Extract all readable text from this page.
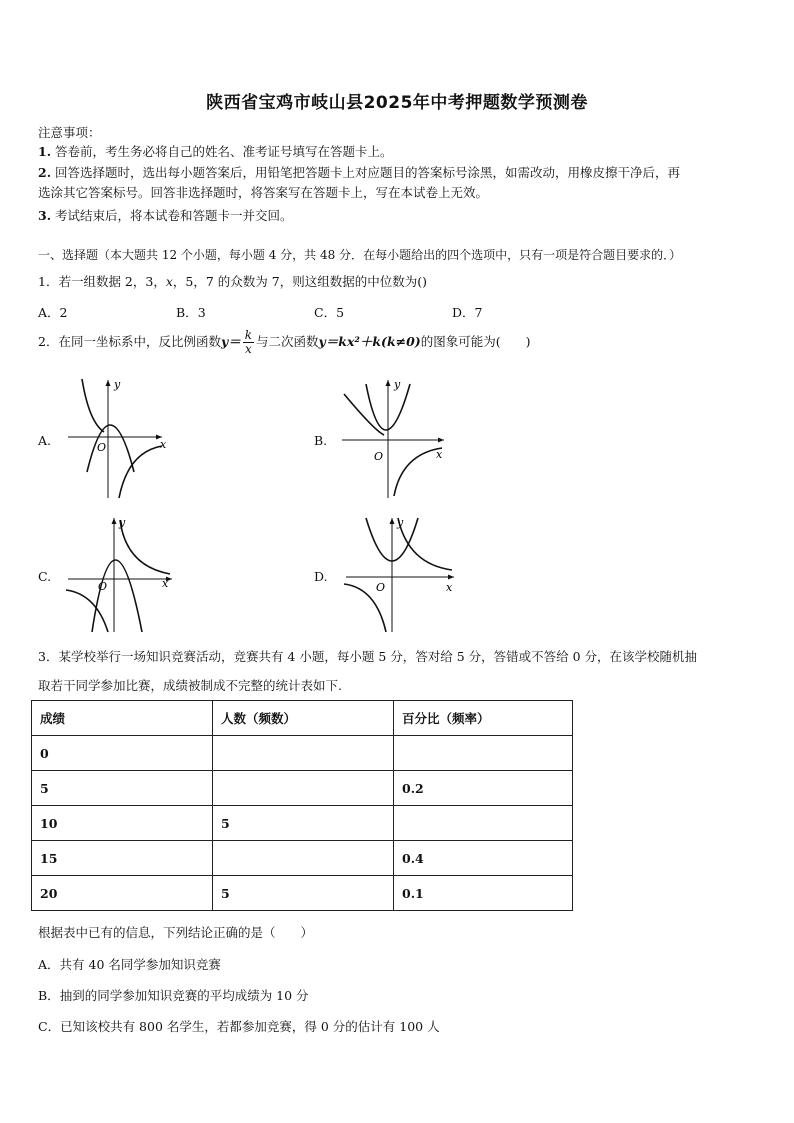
陕西省宝鸡市岐山县2025年中考押题数学预测卷
注意事项：
1. 答卷前，考生务必将自己的姓名、准考证号填写在答题卡上。
2. 回答选择题时，选出每小题答案后，用铅笔把答题卡上对应题目的答案标号涂黑，如需改动，用橡皮擦干净后，再
选涂其它答案标号。回答非选择题时，将答案写在答题卡上，写在本试卷上无效。
3. 考试结束后，将本试卷和答题卡一并交回。
一、选择题（本大题共 12 个小题，每小题 4 分，共 48 分．在每小题给出的四个选项中，只有一项是符合题目要求的．）
1．若一组数据 2，3，x，5，7 的众数为 7，则这组数据的中位数为()
A．2	B．3	C．5	D．7
2．在同一坐标系中，反比例函数$y= \frac{k}{x}$ 与二次函数y＝kx²＋k(k≠0)的图象可能为(　　)
A.
y
x
O	B.
y
x
O
C.
y
x
O
D.
y
x
O
3．某学校举行一场知识竞赛活动，竞赛共有 4 小题，每小题 5 分，答对给 5 分，答错或不答给 0 分，在该学校随机抽
取若干同学参加比赛，成绩被制成不完整的统计表如下.
成绩	人数（频数）	百分比（频率）
0		
5		0.2
10	5	
15		0.4
20	5	0.1
根据表中已有的信息，下列结论正确的是（　　）
A．共有 40 名同学参加知识竞赛
B．抽到的同学参加知识竞赛的平均成绩为 10 分
C．已知该校共有 800 名学生，若都参加竞赛，得 0 分的估计有 100 人
